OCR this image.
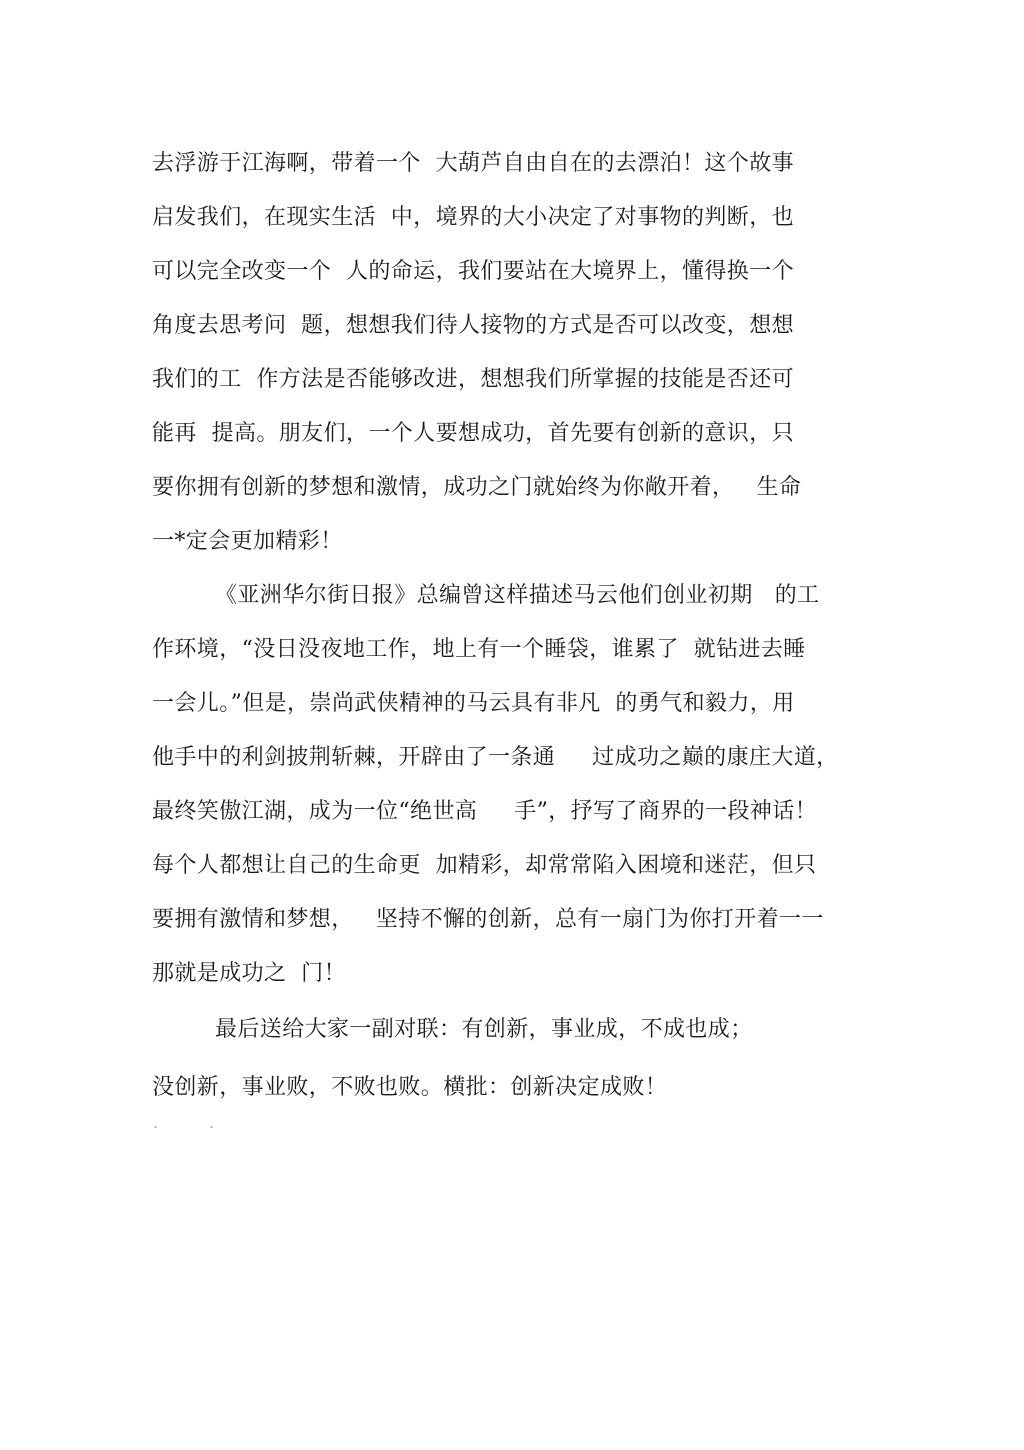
去浮游于江海啊，带着一个  大葫芦自由自在的去漂泊！这个故事
启发我们，在现实生活  中，境界的大小决定了对事物的判断，也
可以完全改变一个  人的命运，我们要站在大境界上，懂得换一个
角度去思考问  题，想想我们待人接物的方式是否可以改变，想想
我们的工  作方法是否能够改进，想想我们所掌握的技能是否还可
能再  提高。朋友们，一个人要想成功，首先要有创新的意识，只
要你拥有创新的梦想和激情，成功之门就始终为你敞开着，   生命
一*定会更加精彩！
《亚洲华尔街日报》总编曾这样描述马云他们创业初期   的工
作环境，“没日没夜地工作，地上有一个睡袋，谁累了  就钻进去睡
一会儿。”但是，崇尚武侠精神的马云具有非凡  的勇气和毅力，用
他手中的利剑披荆斩棘，开辟由了一条通     过成功之巅的康庄大道，
最终笑傲江湖，成为一位“绝世高     手”，抒写了商界的一段神话！
每个人都想让自己的生命更  加精彩，却常常陷入困境和迷茫，但只
要拥有激情和梦想，   坚持不懈的创新，总有一扇门为你打开着一一
那就是成功之  门！
最后送给大家一副对联：有创新，事业成，不成也成；
没创新，事业败，不败也败。横批：创新决定成败！
